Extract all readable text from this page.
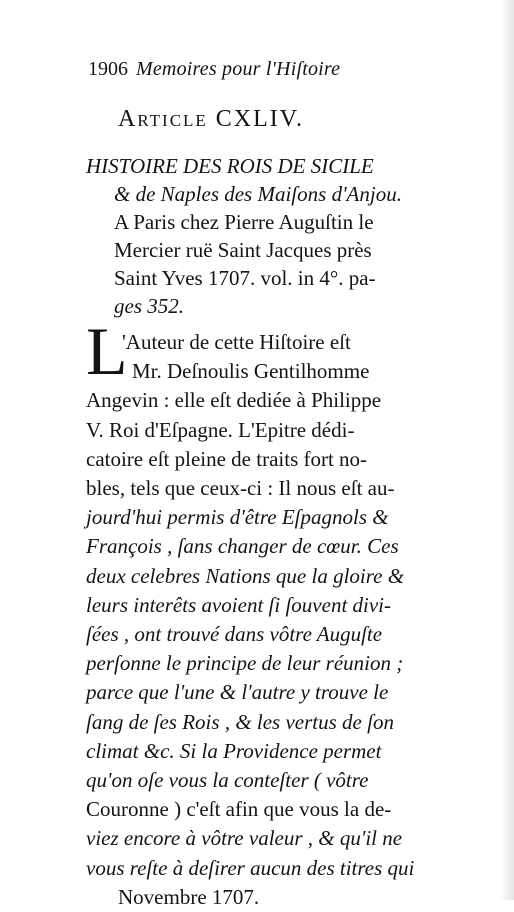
1906 Memoires pour l'Hiſtoire
Article CXLIV.
HISTOIRE DES ROIS DE SICILE
& de Naples des Maiſons d'Anjou.
A Paris chez Pierre Auguſtin le
Mercier ruë Saint Jacques près
Saint Yves 1707. vol. in 4°. pa-
ges 352.
L
'Auteur de cette Hiſtoire eſt
Mr. Deſnoulis Gentilhomme
Angevin : elle eſt dediée à Philippe
V. Roi d'Eſpagne. L'Epitre dédi-
catoire eſt pleine de traits fort no-
bles, tels que ceux-ci : Il nous eſt au-
jourd'hui permis d'être Eſpagnols &
François , ſans changer de cœur. Ces
deux celebres Nations que la gloire &
leurs interêts avoient ſi ſouvent divi-
ſées , ont trouvé dans vôtre Auguſte
perſonne le principe de leur réunion ;
parce que l'une & l'autre y trouve le
ſang de ſes Rois , & les vertus de ſon
climat &c. Si la Providence permet
qu'on oſe vous la conteſter ( vôtre
Couronne ) c'eſt afin que vous la de-
viez encore à vôtre valeur , & qu'il ne
vous reſte à deſirer aucun des titres qui
Novembre 1707.
